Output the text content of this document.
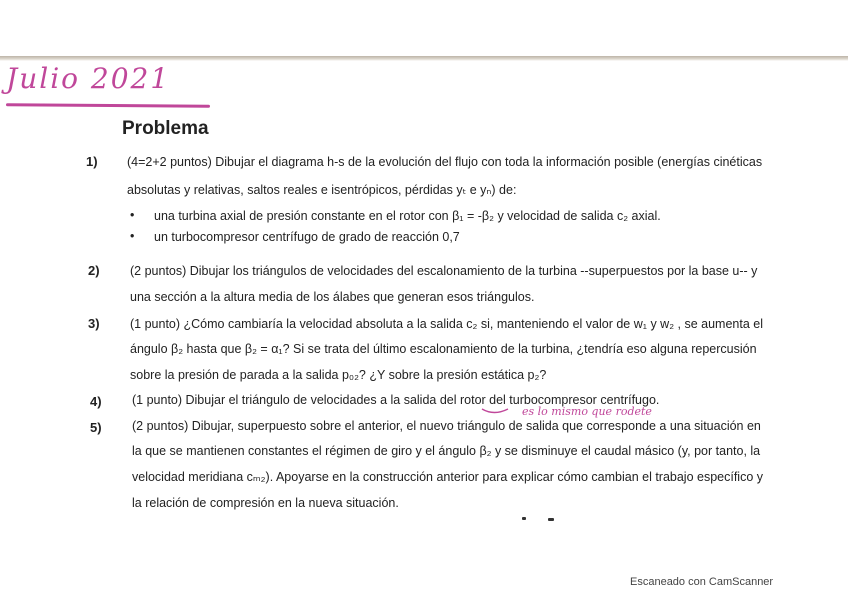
Julio 2021
Problema
1) (4=2+2 puntos) Dibujar el diagrama h-s de la evolución del flujo con toda la información posible (energías cinéticas
absolutas y relativas, saltos reales e isentrópicos, pérdidas yₜ e yₙ) de:
• una turbina axial de presión constante en el rotor con β₁ = -β₂ y velocidad de salida c₂ axial.
• un turbocompresor centrífugo de grado de reacción 0,7
2) (2 puntos) Dibujar los triángulos de velocidades del escalonamiento de la turbina --superpuestos por la base u-- y
una sección a la altura media de los álabes que generan esos triángulos.
3) (1 punto) ¿Cómo cambiaría la velocidad absoluta a la salida c₂ si, manteniendo el valor de w₁ y w₂ , se aumenta el
ángulo β₂ hasta que β₂ = α₁? Si se trata del último escalonamiento de la turbina, ¿tendría eso alguna repercusión
sobre la presión de parada a la salida p₀₂? ¿Y sobre la presión estática p₂?
4) (1 punto) Dibujar el triángulo de velocidades a la salida del rotor del turbocompresor centrífugo.
es lo mismo que rodete
5) (2 puntos) Dibujar, superpuesto sobre el anterior, el nuevo triángulo de salida que corresponde a una situación en
la que se mantienen constantes el régimen de giro y el ángulo β₂ y se disminuye el caudal másico (y, por tanto, la
velocidad meridiana cₘ₂). Apoyarse en la construcción anterior para explicar cómo cambian el trabajo específico y
la relación de compresión en la nueva situación.
Escaneado con CamScanner
